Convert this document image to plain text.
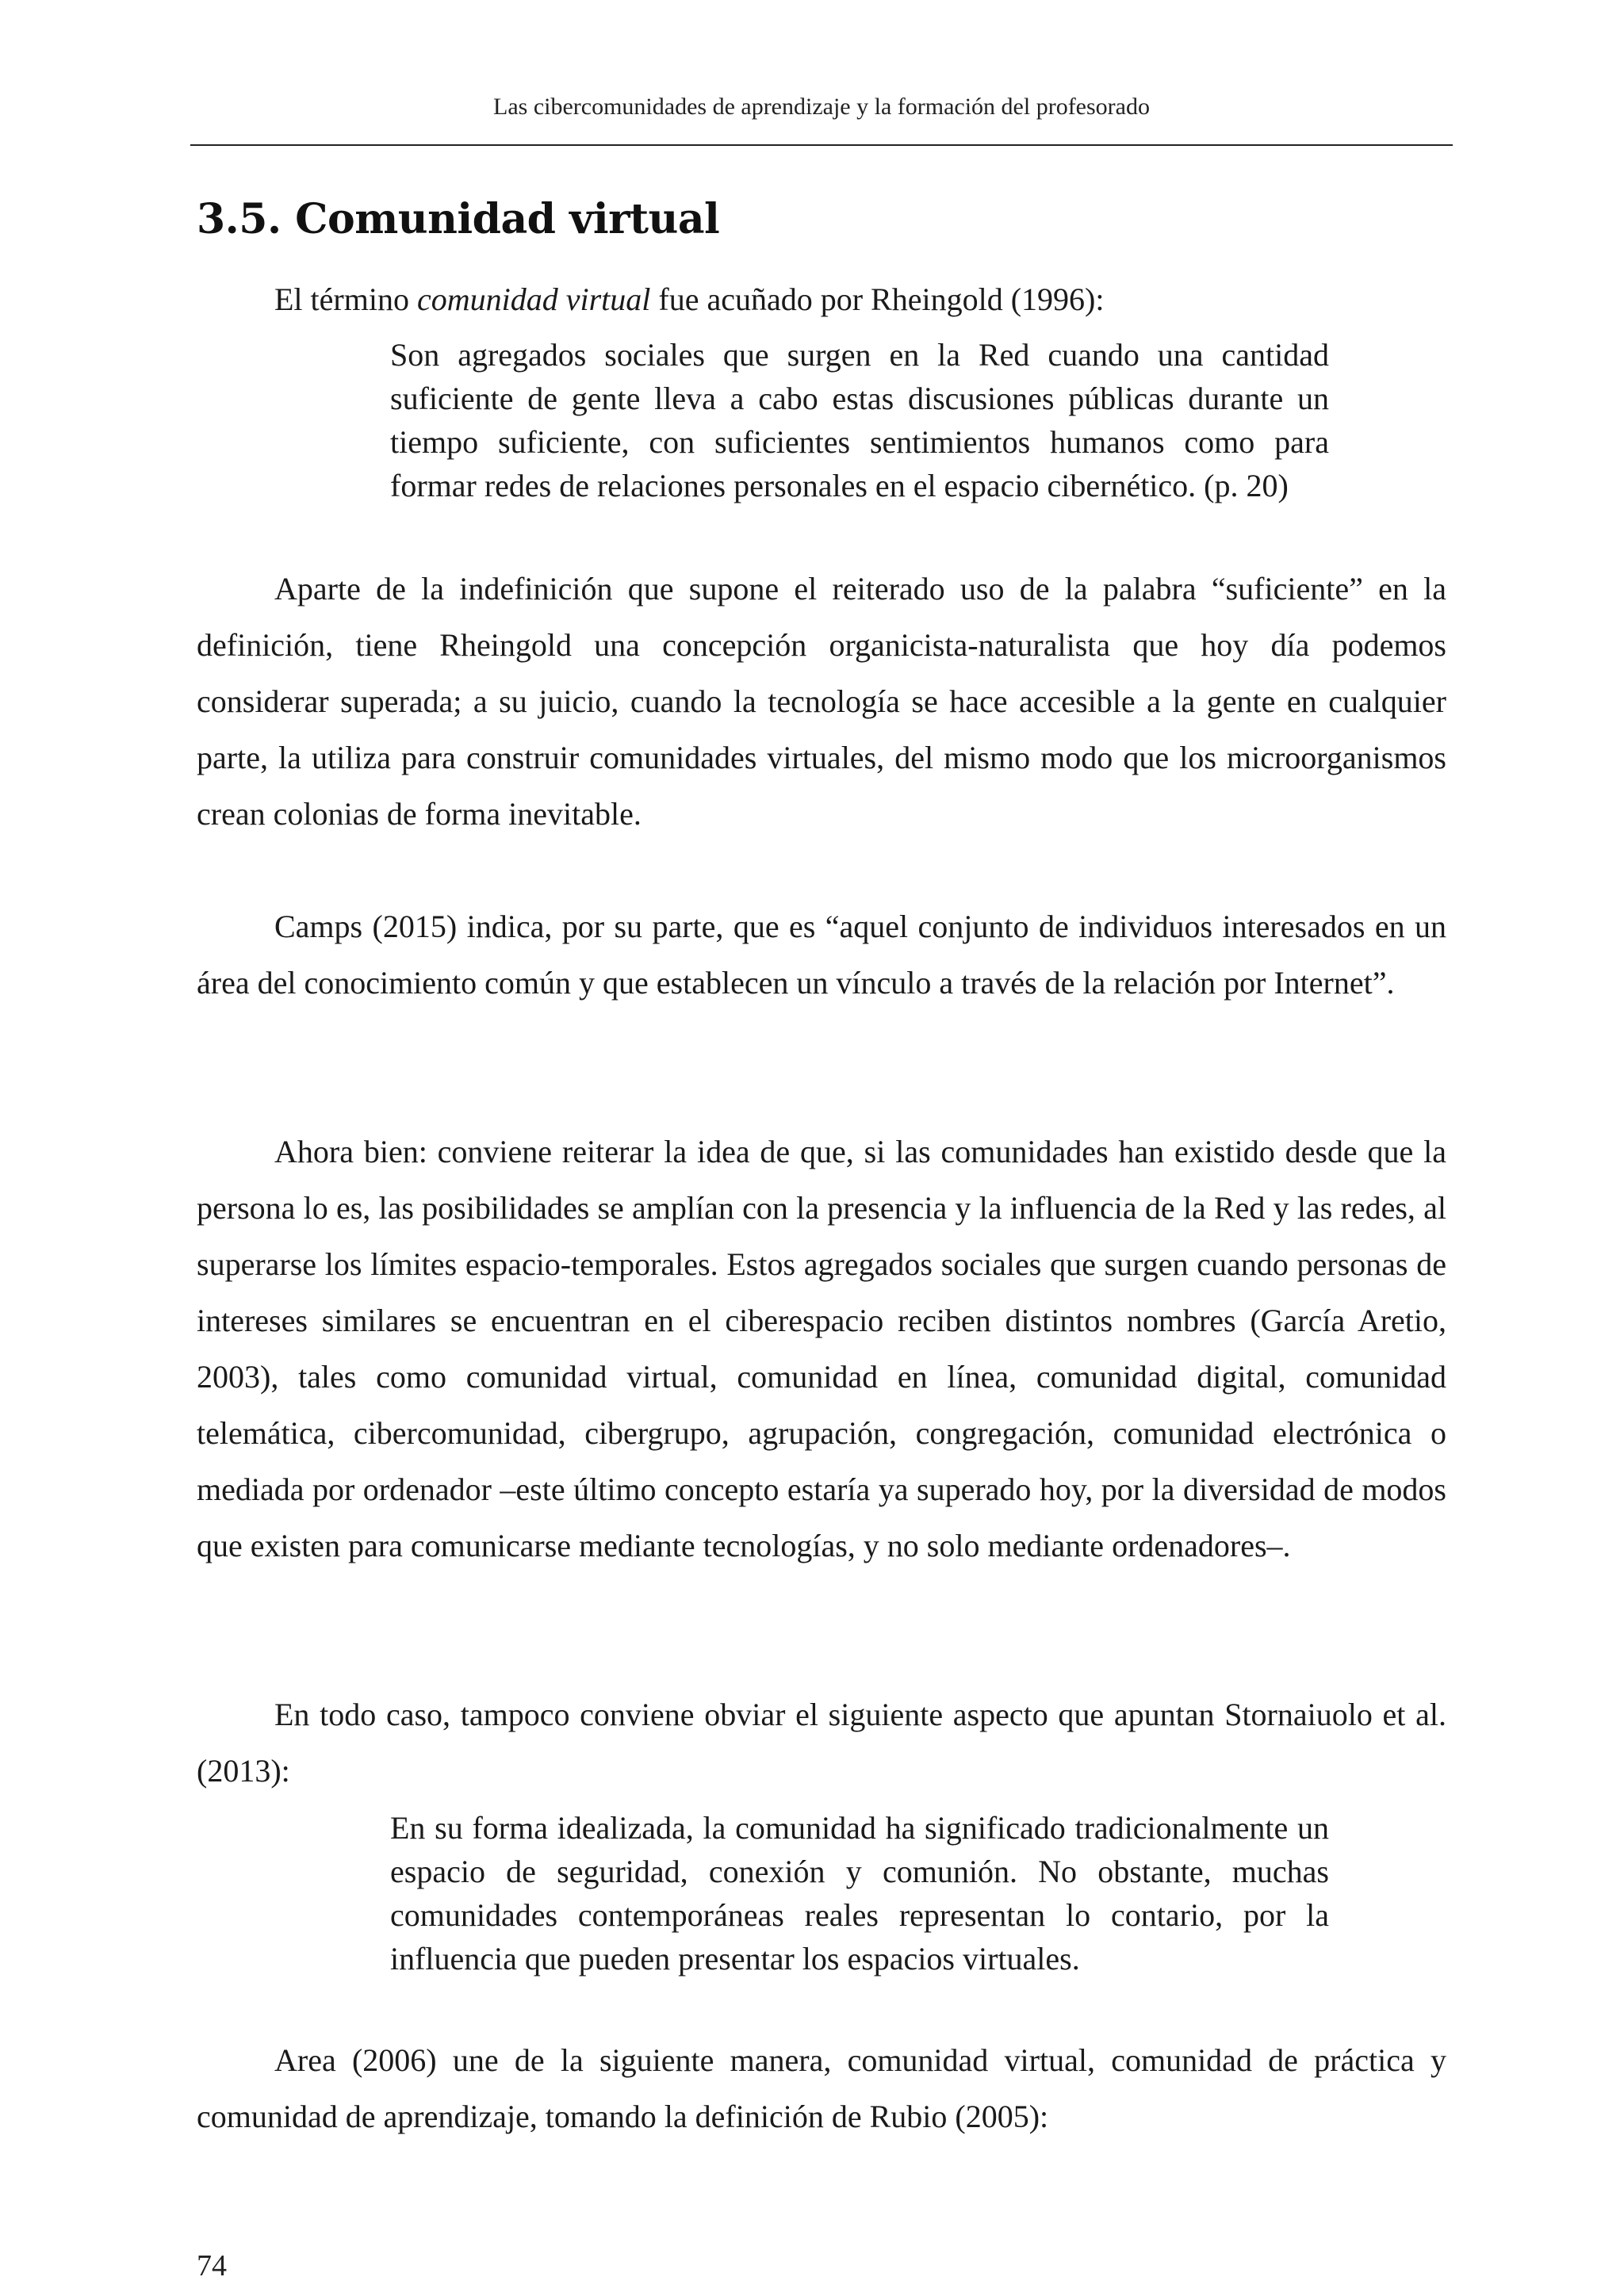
Las cibercomunidades de aprendizaje y la formación del profesorado
3.5. Comunidad virtual

El término comunidad virtual fue acuñado por Rheingold (1996):

Son agregados sociales que surgen en la Red cuando una cantidad suficiente de gente lleva a cabo estas discusiones públicas durante un tiempo suficiente, con suficientes sentimientos humanos como para formar redes de relaciones personales en el espacio cibernético. (p. 20)

Aparte de la indefinición que supone el reiterado uso de la palabra “suficiente” en la definición, tiene Rheingold una concepción organicista-naturalista que hoy día podemos considerar superada; a su juicio, cuando la tecnología se hace accesible a la gente en cualquier parte, la utiliza para construir comunidades virtuales, del mismo modo que los microorganismos crean colonias de forma inevitable.

Camps (2015) indica, por su parte, que es “aquel conjunto de individuos interesados en un área del conocimiento común y que establecen un vínculo a través de la relación por Internet”.

Ahora bien: conviene reiterar la idea de que, si las comunidades han existido desde que la persona lo es, las posibilidades se amplían con la presencia y la influencia de la Red y las redes, al superarse los límites espacio-temporales. Estos agregados sociales que surgen cuando personas de intereses similares se encuentran en el ciberespacio reciben distintos nombres (García Aretio, 2003), tales como comunidad virtual, comunidad en línea, comunidad digital, comunidad telemática, cibercomunidad, cibergrupo, agrupación, congregación, comunidad electrónica o mediada por ordenador –este último concepto estaría ya superado hoy, por la diversidad de modos que existen para comunicarse mediante tecnologías, y no solo mediante ordenadores–.

En todo caso, tampoco conviene obviar el siguiente aspecto que apuntan Stornaiuolo et al. (2013):

En su forma idealizada, la comunidad ha significado tradicionalmente un espacio de seguridad, conexión y comunión. No obstante, muchas comunidades contemporáneas reales representan lo contario, por la influencia que pueden presentar los espacios virtuales.

Area (2006) une de la siguiente manera, comunidad virtual, comunidad de práctica y comunidad de aprendizaje, tomando la definición de Rubio (2005):

74
